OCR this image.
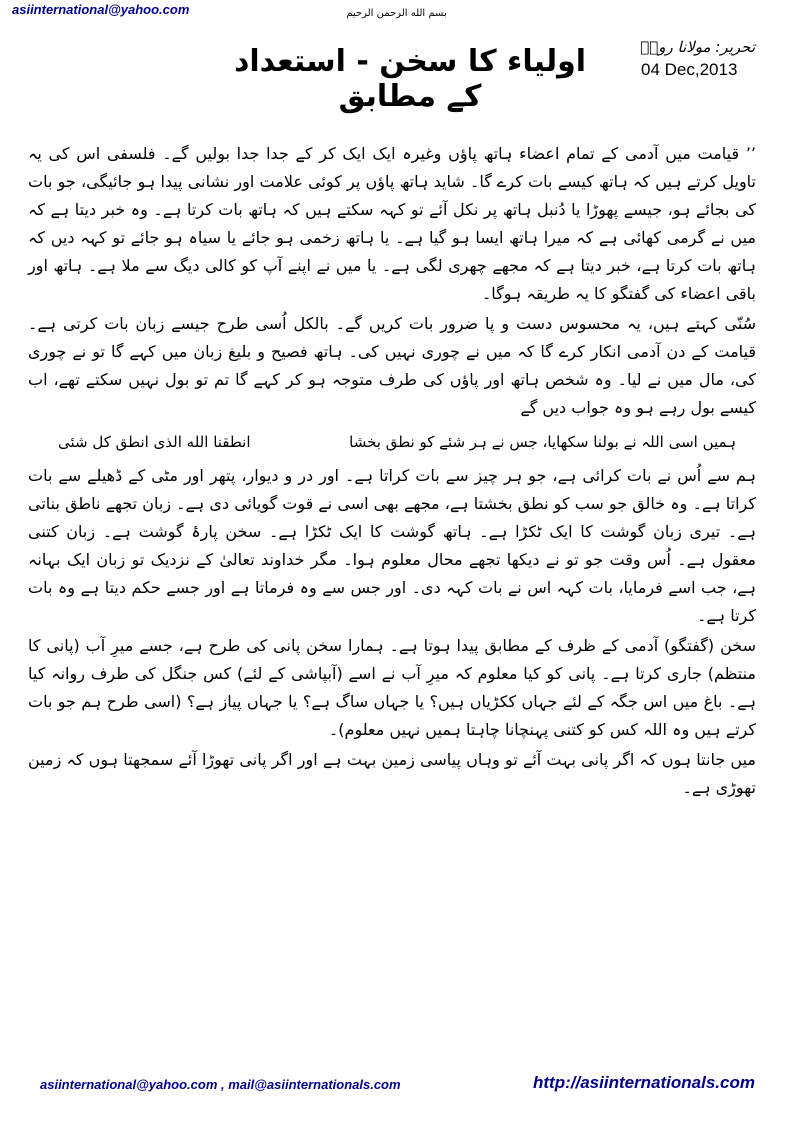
asiinternational@yahoo.com	بسم الله الرحمن الرحیم
تحریر: مولانا رومؒ
04 Dec,2013
اولیاء کا سخن - استعداد کے مطابق

’’ قیامت میں آدمی کے تمام اعضاء ہاتھ پاؤں وغیرہ ایک ایک کر کے جدا جدا بولیں گے۔ فلسفی اس کی یہ تاویل کرتے ہیں کہ ہاتھ کیسے بات کرے گا۔ شاید ہاتھ پاؤں پر کوئی علامت اور نشانی پیدا ہو جائیگی، جو بات کی بجائے ہو، جیسے پھوڑا یا دُنبل ہاتھ پر نکل آئے تو کہہ سکتے ہیں کہ ہاتھ بات کرتا ہے۔ وہ خبر دیتا ہے کہ میں نے گرمی کھائی ہے کہ میرا ہاتھ ایسا ہو گیا ہے۔ یا ہاتھ زخمی ہو جائے یا سیاہ ہو جائے تو کہہ دیں کہ ہاتھ بات کرتا ہے، خبر دیتا ہے کہ مجھے چھری لگی ہے۔ یا میں نے اپنے آپ کو کالی دیگ سے ملا ہے۔ ہاتھ اور باقی اعضاء کی گفتگو کا یہ طریقہ ہوگا۔

سُنّی کہتے ہیں، یہ محسوس دست و پا ضرور بات کریں گے۔ بالکل اُسی طرح جیسے زبان بات کرتی ہے۔ قیامت کے دن آدمی انکار کرے گا کہ میں نے چوری نہیں کی۔ ہاتھ فصیح و بلیغ زبان میں کہے گا تو نے چوری کی، مال میں نے لیا۔ وہ شخص ہاتھ اور پاؤں کی طرف متوجہ ہو کر کہے گا تم تو بول نہیں سکتے تھے، اب کیسے بول رہے ہو وہ جواب دیں گے

ہمیں اسی اللہ نے بولنا سکھایا، جس نے ہر شئے کو نطق بخشا
انطقنا الله الذی انطق کل شئی

ہم سے اُس نے بات کرائی ہے، جو ہر چیز سے بات کراتا ہے۔ اور در و دیوار، پتھر اور مٹی کے ڈھیلے سے بات کراتا ہے۔ وہ خالق جو سب کو نطق بخشتا ہے، مجھے بھی اسی نے قوت گویائی دی ہے۔ زبان تجھے ناطق بناتی ہے۔ تیری زبان گوشت کا ایک ٹکڑا ہے۔ ہاتھ گوشت کا ایک ٹکڑا ہے۔ سخن پارۂ گوشت ہے۔ زبان کتنی معقول ہے۔ اُس وقت جو تو نے دیکھا تجھے محال معلوم ہوا۔ مگر خداوند تعالیٰ کے نزدیک تو زبان ایک بہانہ ہے، جب اسے فرمایا، بات کہہ اس نے بات کہہ دی۔ اور جس سے وہ فرماتا ہے اور جسے حکم دیتا ہے وہ بات کرتا ہے۔

سخن (گفتگو) آدمی کے ظرف کے مطابق پیدا ہوتا ہے۔ ہمارا سخن پانی کی طرح ہے، جسے میرِ آب (پانی کا منتظم) جاری کرتا ہے۔ پانی کو کیا معلوم کہ میرِ آب نے اسے (آبپاشی کے لئے) کس جنگل کی طرف روانہ کیا ہے۔ باغ میں اس جگہ کے لئے جہاں ککڑیاں ہیں؟ یا جہاں ساگ ہے؟ یا جہاں پیاز ہے؟ (اسی طرح ہم جو بات کرتے ہیں وہ اللہ کس کو کتنی پہنچانا چاہتا ہمیں نہیں معلوم)۔

میں جانتا ہوں کہ اگر پانی بہت آئے تو وہاں پیاسی زمین بہت ہے اور اگر پانی تھوڑا آئے سمجھتا ہوں کہ زمین تھوڑی ہے۔

asiinternational@yahoo.com , mail@asiinternationals.com	http://asiinternationals.com
